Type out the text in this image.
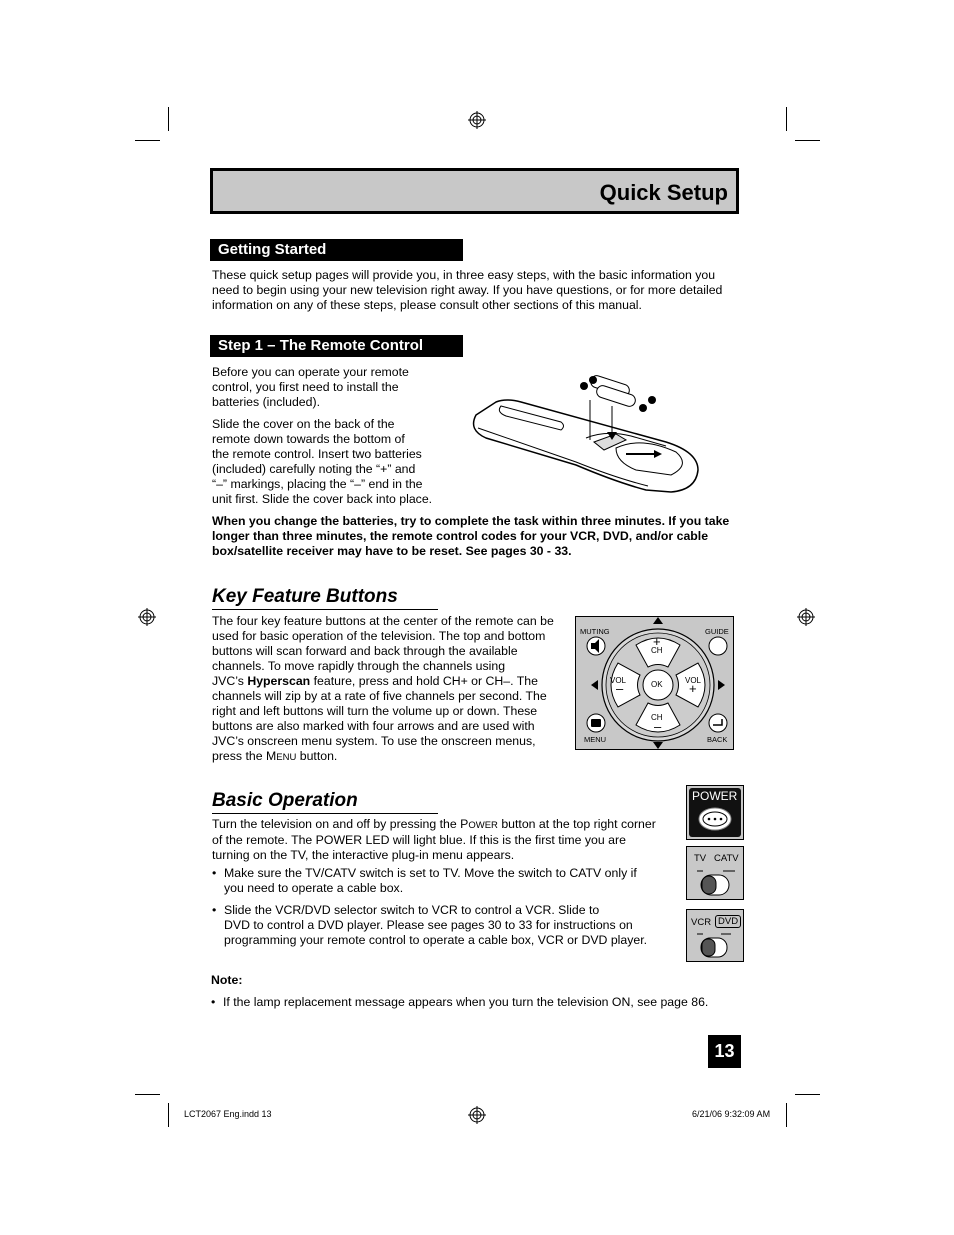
Quick Setup
Getting Started

These quick setup pages will provide you, in three easy steps, with the basic information you

need to begin using your new television right away. If you have questions, or for more detailed

information on any of these steps, please consult other sections of this manual.

Step 1 – The Remote Control

Before you can operate your remote

control, you first need to install the

batteries (included).

Slide the cover on the back of the

remote down towards the bottom of

the remote control. Insert two batteries

(included) carefully noting the “+” and

“–” markings, placing the “–” end in the

unit first. Slide the cover back into place.

When you change the batteries, try to complete the task within three minutes. If you take

longer than three minutes, the remote control codes for your VCR, DVD, and/or cable

box/satellite receiver may have to be reset. See pages 30 - 33.

Key Feature Buttons

The four key feature buttons at the center of the remote can be

used for basic operation of the television. The top and bottom

buttons will scan forward and back through the available

channels. To move rapidly through the channels using

JVC’s Hyperscan feature, press and hold CH+ or CH–. The

channels will zip by at a rate of five channels per second. The

right and left buttons will turn the volume up or down. These

buttons are also marked with four arrows and are used with

JVC’s onscreen menu system. To use the onscreen menus,

press the MENU button.

MUTING	GUIDE
MENU	BACK
+
CH
CH
–
VOL
–
VOL
+
OK
Basic Operation

Turn the television on and off by pressing the POWER button at the top right corner

of the remote. The POWER LED will light blue. If this is the first time you are

turning on the TV, the interactive plug-in menu appears.

• Make sure the TV/CATV switch is set to TV. Move the switch to CATV only if
you need to operate a cable box.
• Slide the VCR/DVD selector switch to VCR to control a VCR. Slide to
DVD to control a DVD player. Please see pages 30 to 33 for instructions on
programming your remote control to operate a cable box, VCR or DVD player.
POWER
TV CATV
VCR DVD
Note:
• If the lamp replacement message appears when you turn the television ON, see page 86.
13
LCT2067 Eng.indd 13	6/21/06 9:32:09 AM
